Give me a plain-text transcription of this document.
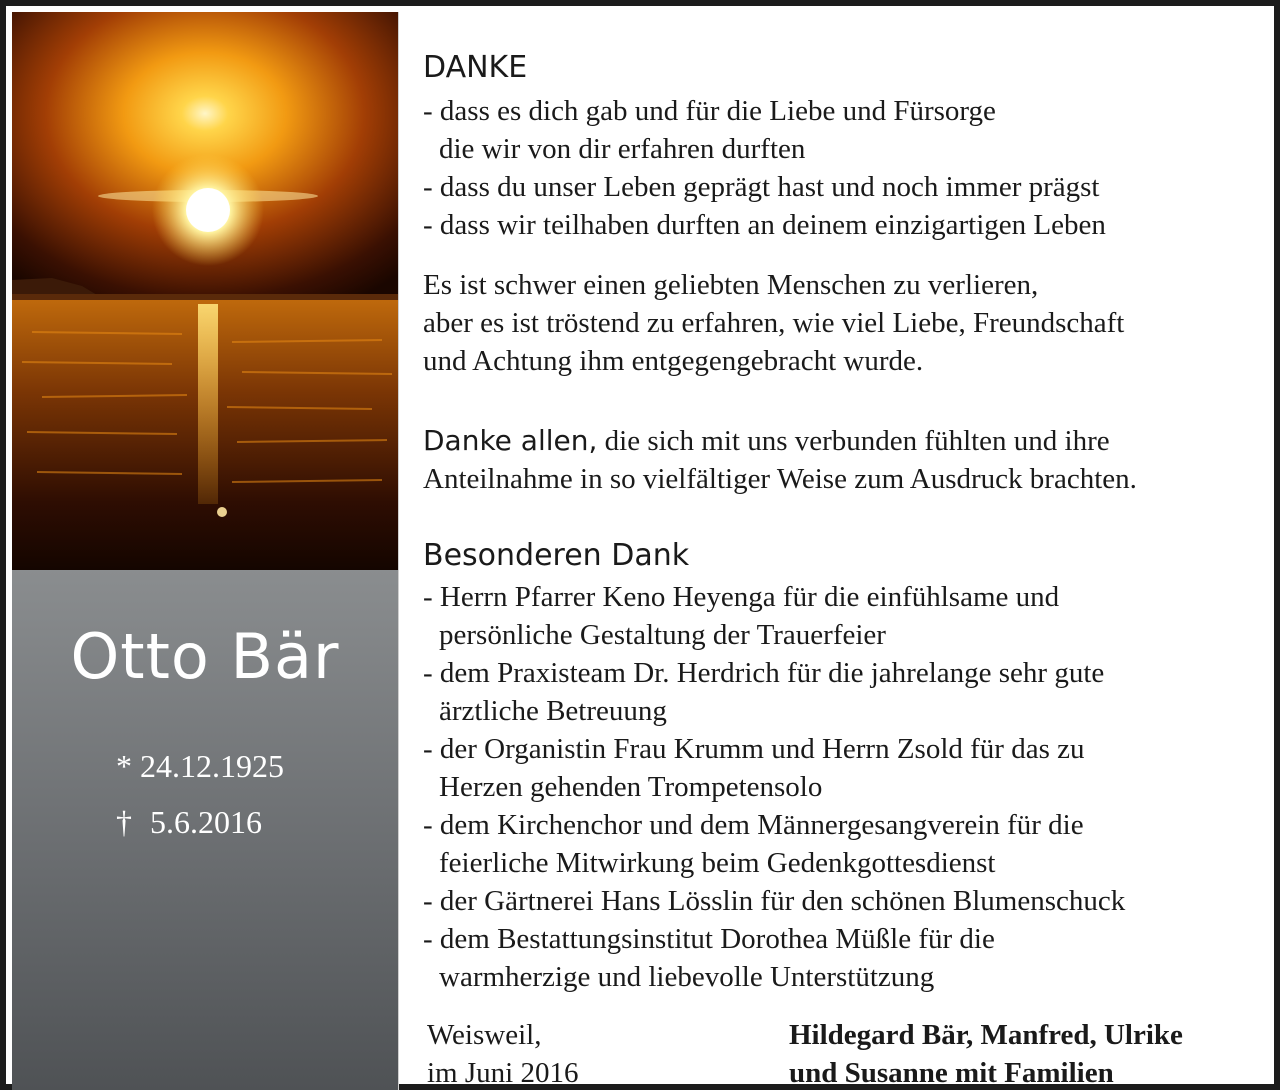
Otto Bär
* 24.12.1925
† 5.6.2016
DANKE
- dass es dich gab und für die Liebe und Fürsorge
die wir von dir erfahren durften
- dass du unser Leben geprägt hast und noch immer prägst
- dass wir teilhaben durften an deinem einzigartigen Leben
Es ist schwer einen geliebten Menschen zu verlieren,
aber es ist tröstend zu erfahren, wie viel Liebe, Freundschaft
und Achtung ihm entgegengebracht wurde.
Danke allen, die sich mit uns verbunden fühlten und ihre
Anteilnahme in so vielfältiger Weise zum Ausdruck brachten.
Besonderen Dank
- Herrn Pfarrer Keno Heyenga für die einfühlsame und
persönliche Gestaltung der Trauerfeier
- dem Praxisteam Dr. Herdrich für die jahrelange sehr gute
ärztliche Betreuung
- der Organistin Frau Krumm und Herrn Zsold für das zu
Herzen gehenden Trompetensolo
- dem Kirchenchor und dem Männergesangverein für die
feierliche Mitwirkung beim Gedenkgottesdienst
- der Gärtnerei Hans Lösslin für den schönen Blumenschuck
- dem Bestattungsinstitut Dorothea Müßle für die
warmherzige und liebevolle Unterstützung
Weisweil,
im Juni 2016
Hildegard Bär, Manfred, Ulrike
und Susanne mit Familien
